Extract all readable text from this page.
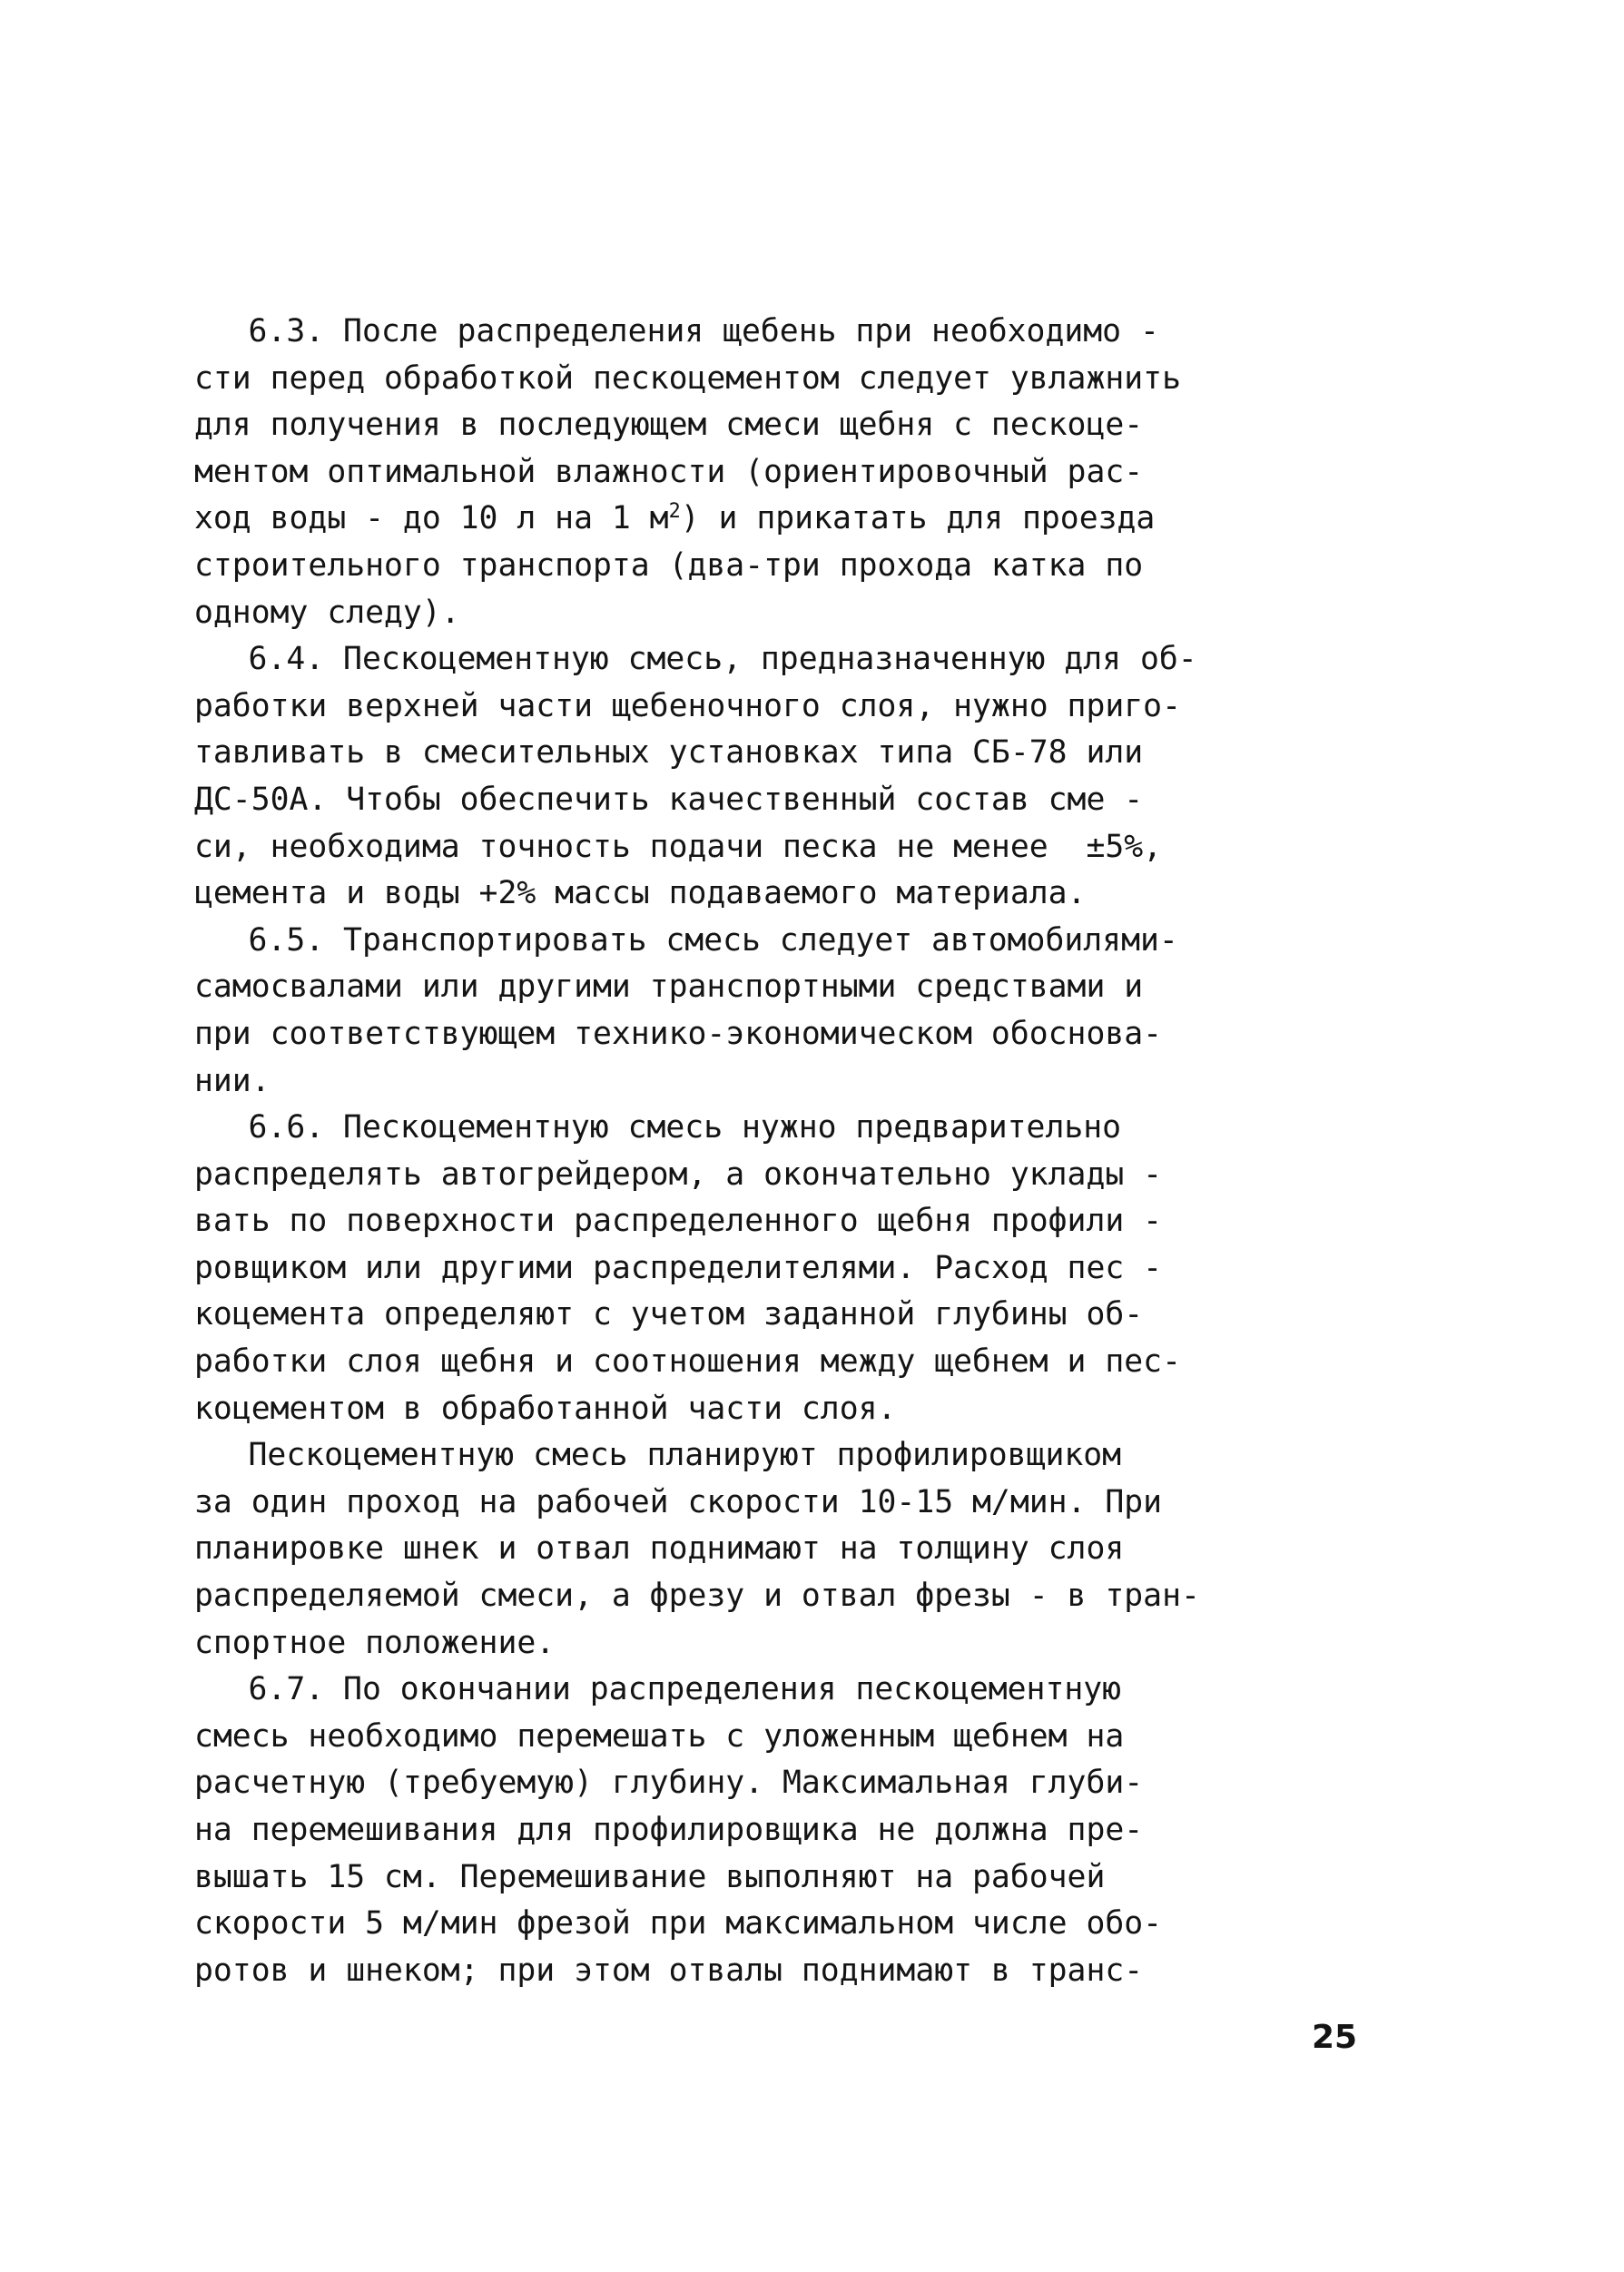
6.3. После распределения щебень при необходимо -
сти перед обработкой пескоцементом следует увлажнить
для получения в последующем смеси щебня с пескоце-
ментом оптимальной влажности (ориентировочный рас-
ход воды - до 10 л на 1 $м^2$) и прикатать для проезда
строительного транспорта (два-три прохода катка по
одному следу).
6.4. Пескоцементную смесь, предназначенную для об-
работки верхней части щебеночного слоя, нужно приго-
тавливать в смесительных установках типа СБ-78 или
ДС-50А. Чтобы обеспечить качественный состав сме -
си, необходима точность подачи песка не менее  ±5%,
цемента и воды +2% массы подаваемого материала.
6.5. Транспортировать смесь следует автомобилями-
самосвалами или другими транспортными средствами и
при соответствующем технико-экономическом обоснова-
нии.
6.6. Пескоцементную смесь нужно предварительно
распределять автогрейдером, а окончательно уклады -
вать по поверхности распределенного щебня профили -
ровщиком или другими распределителями. Расход пес -
коцемента определяют с учетом заданной глубины об-
работки слоя щебня и соотношения между щебнем и пес-
коцементом в обработанной части слоя.
Пескоцементную смесь планируют профилировщиком
за один проход на рабочей скорости 10-15 м/мин. При
планировке шнек и отвал поднимают на толщину слоя
распределяемой смеси, а фрезу и отвал фрезы - в тран-
спортное положение.
6.7. По окончании распределения пескоцементную
смесь необходимо перемешать с уложенным щебнем на
расчетную (требуемую) глубину. Максимальная глуби-
на перемешивания для профилировщика не должна пре-
вышать 15 см. Перемешивание выполняют на рабочей
скорости 5 м/мин фрезой при максимальном числе обо-
ротов и шнеком; при этом отвалы поднимают в транс-
25
